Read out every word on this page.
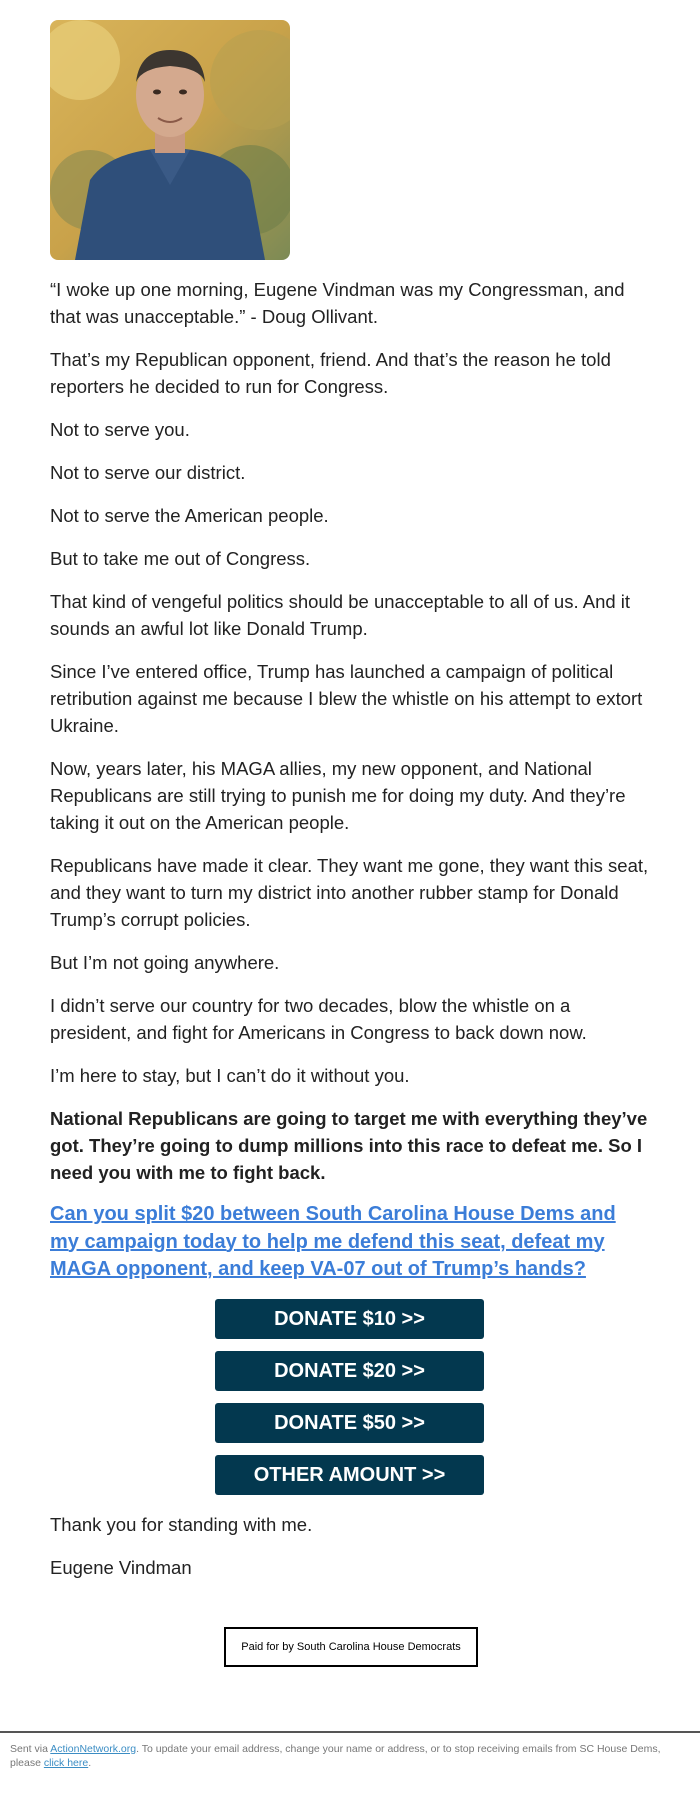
“I woke up one morning, Eugene Vindman was my Congressman, and that was unacceptable.” - Doug Ollivant.

That’s my Republican opponent, friend. And that’s the reason he told reporters he decided to run for Congress.

Not to serve you.

Not to serve our district.

Not to serve the American people.

But to take me out of Congress.

That kind of vengeful politics should be unacceptable to all of us. And it sounds an awful lot like Donald Trump.

Since I’ve entered office, Trump has launched a campaign of political retribution against me because I blew the whistle on his attempt to extort Ukraine.

Now, years later, his MAGA allies, my new opponent, and National Republicans are still trying to punish me for doing my duty. And they’re taking it out on the American people.

Republicans have made it clear. They want me gone, they want this seat, and they want to turn my district into another rubber stamp for Donald Trump’s corrupt policies.

But I’m not going anywhere.

I didn’t serve our country for two decades, blow the whistle on a president, and fight for Americans in Congress to back down now.

I’m here to stay, but I can’t do it without you.

National Republicans are going to target me with everything they’ve got. They’re going to dump millions into this race to defeat me. So I need you with me to fight back.

Can you split $20 between South Carolina House Dems and my campaign today to help me defend this seat, defeat my MAGA opponent, and keep VA-07 out of Trump’s hands?

DONATE $10 >>
DONATE $20 >>
DONATE $50 >>
OTHER AMOUNT >>

Thank you for standing with me.

Eugene Vindman

Paid for by South Carolina House Democrats
Sent via ActionNetwork.org. To update your email address, change your name or address, or to stop receiving emails from SC House Dems, please click here.
